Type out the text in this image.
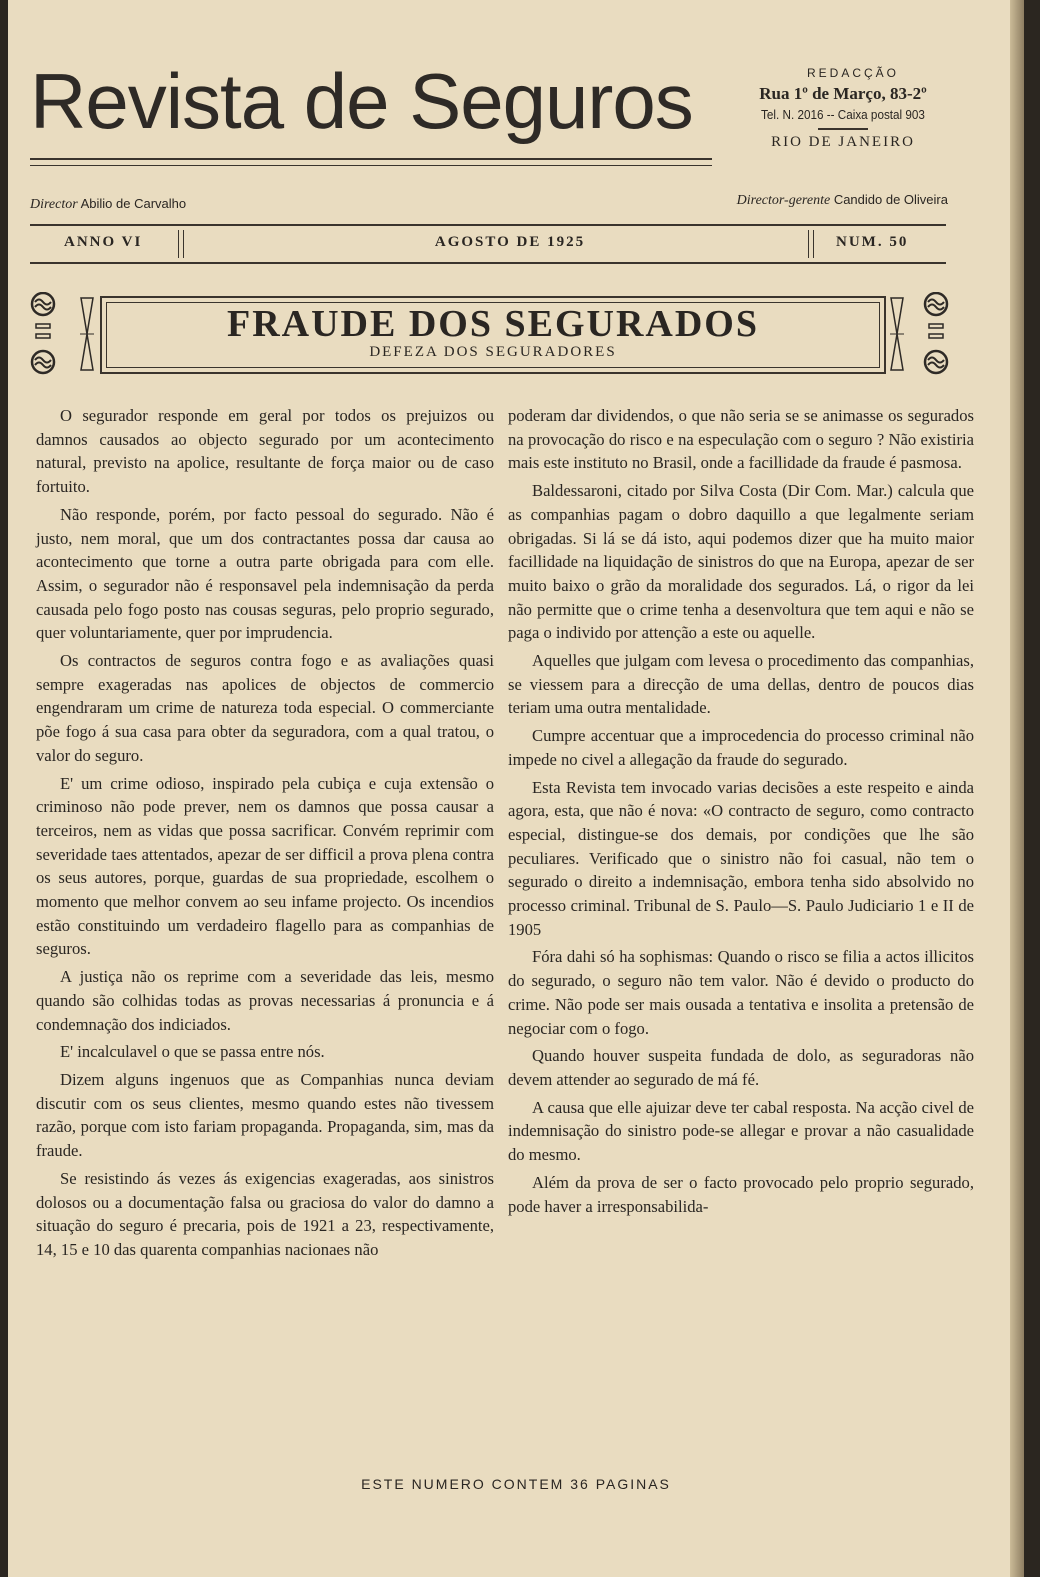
Revista de Seguros	REDACÇÃO
Rua 1º de Março, 83-2º
Tel. N. 2016 -- Caixa postal 903
RIO DE JANEIRO
Director Abilio de Carvalho	Director-gerente Candido de Oliveira
ANNO VI	AGOSTO DE 1925	NUM. 50
FRAUDE DOS SEGURADOS
DEFEZA DOS SEGURADORES

O segurador responde em geral por todos os prejuizos ou damnos causados ao objecto segurado por um acontecimento natural, previsto na apolice, resultante de força maior ou de caso fortuito.

Não responde, porém, por facto pessoal do segurado. Não é justo, nem moral, que um dos contractantes possa dar causa ao acontecimento que torne a outra parte obrigada para com elle. Assim, o segurador não é responsavel pela indemnisação da perda causada pelo fogo posto nas cousas seguras, pelo proprio segurado, quer voluntariamente, quer por imprudencia.

Os contractos de seguros contra fogo e as avaliações quasi sempre exageradas nas apolices de objectos de commercio engendraram um crime de natureza toda especial. O commerciante põe fogo á sua casa para obter da seguradora, com a qual tratou, o valor do seguro.

E' um crime odioso, inspirado pela cubiça e cuja extensão o criminoso não pode prever, nem os damnos que possa causar a terceiros, nem as vidas que possa sacrificar. Convém reprimir com severidade taes attentados, apezar de ser difficil a prova plena contra os seus autores, porque, guardas de sua propriedade, escolhem o momento que melhor convem ao seu infame projecto. Os incendios estão constituindo um verdadeiro flagello para as companhias de seguros.

A justiça não os reprime com a severidade das leis, mesmo quando são colhidas todas as provas necessarias á pronuncia e á condemnação dos indiciados.

E' incalculavel o que se passa entre nós.

Dizem alguns ingenuos que as Companhias nunca deviam discutir com os seus clientes, mesmo quando estes não tivessem razão, porque com isto fariam propaganda. Propaganda, sim, mas da fraude.

Se resistindo ás vezes ás exigencias exageradas, aos sinistros dolosos ou a documentação falsa ou graciosa do valor do damno a situação do seguro é precaria, pois de 1921 a 23, respectivamente, 14, 15 e 10 das quarenta companhias nacionaes não

poderam dar dividendos, o que não seria se se animasse os segurados na provocação do risco e na especulação com o seguro ? Não existiria mais este instituto no Brasil, onde a facillidade da fraude é pasmosa.

Baldessaroni, citado por Silva Costa (Dir Com. Mar.) calcula que as companhias pagam o dobro daquillo a que legalmente seriam obrigadas. Si lá se dá isto, aqui podemos dizer que ha muito maior facillidade na liquidação de sinistros do que na Europa, apezar de ser muito baixo o grão da moralidade dos segurados. Lá, o rigor da lei não permitte que o crime tenha a desenvoltura que tem aqui e não se paga o individo por attenção a este ou aquelle.

Aquelles que julgam com levesa o procedimento das companhias, se viessem para a direcção de uma dellas, dentro de poucos dias teriam uma outra mentalidade.

Cumpre accentuar que a improcedencia do processo criminal não impede no civel a allegação da fraude do segurado.

Esta Revista tem invocado varias decisões a este respeito e ainda agora, esta, que não é nova: «O contracto de seguro, como contracto especial, distingue-se dos demais, por condições que lhe são peculiares. Verificado que o sinistro não foi casual, não tem o segurado o direito a indemnisação, embora tenha sido absolvido no processo criminal. Tribunal de S. Paulo—S. Paulo Judiciario 1 e II de 1905

Fóra dahi só ha sophismas: Quando o risco se filia a actos illicitos do segurado, o seguro não tem valor. Não é devido o producto do crime. Não pode ser mais ousada a tentativa e insolita a pretensão de negociar com o fogo.

Quando houver suspeita fundada de dolo, as seguradoras não devem attender ao segurado de má fé.

A causa que elle ajuizar deve ter cabal resposta. Na acção civel de indemnisação do sinistro pode-se allegar e provar a não casualidade do mesmo.

Além da prova de ser o facto provocado pelo proprio segurado, pode haver a irresponsabilida-

ESTE NUMERO CONTEM 36 PAGINAS
